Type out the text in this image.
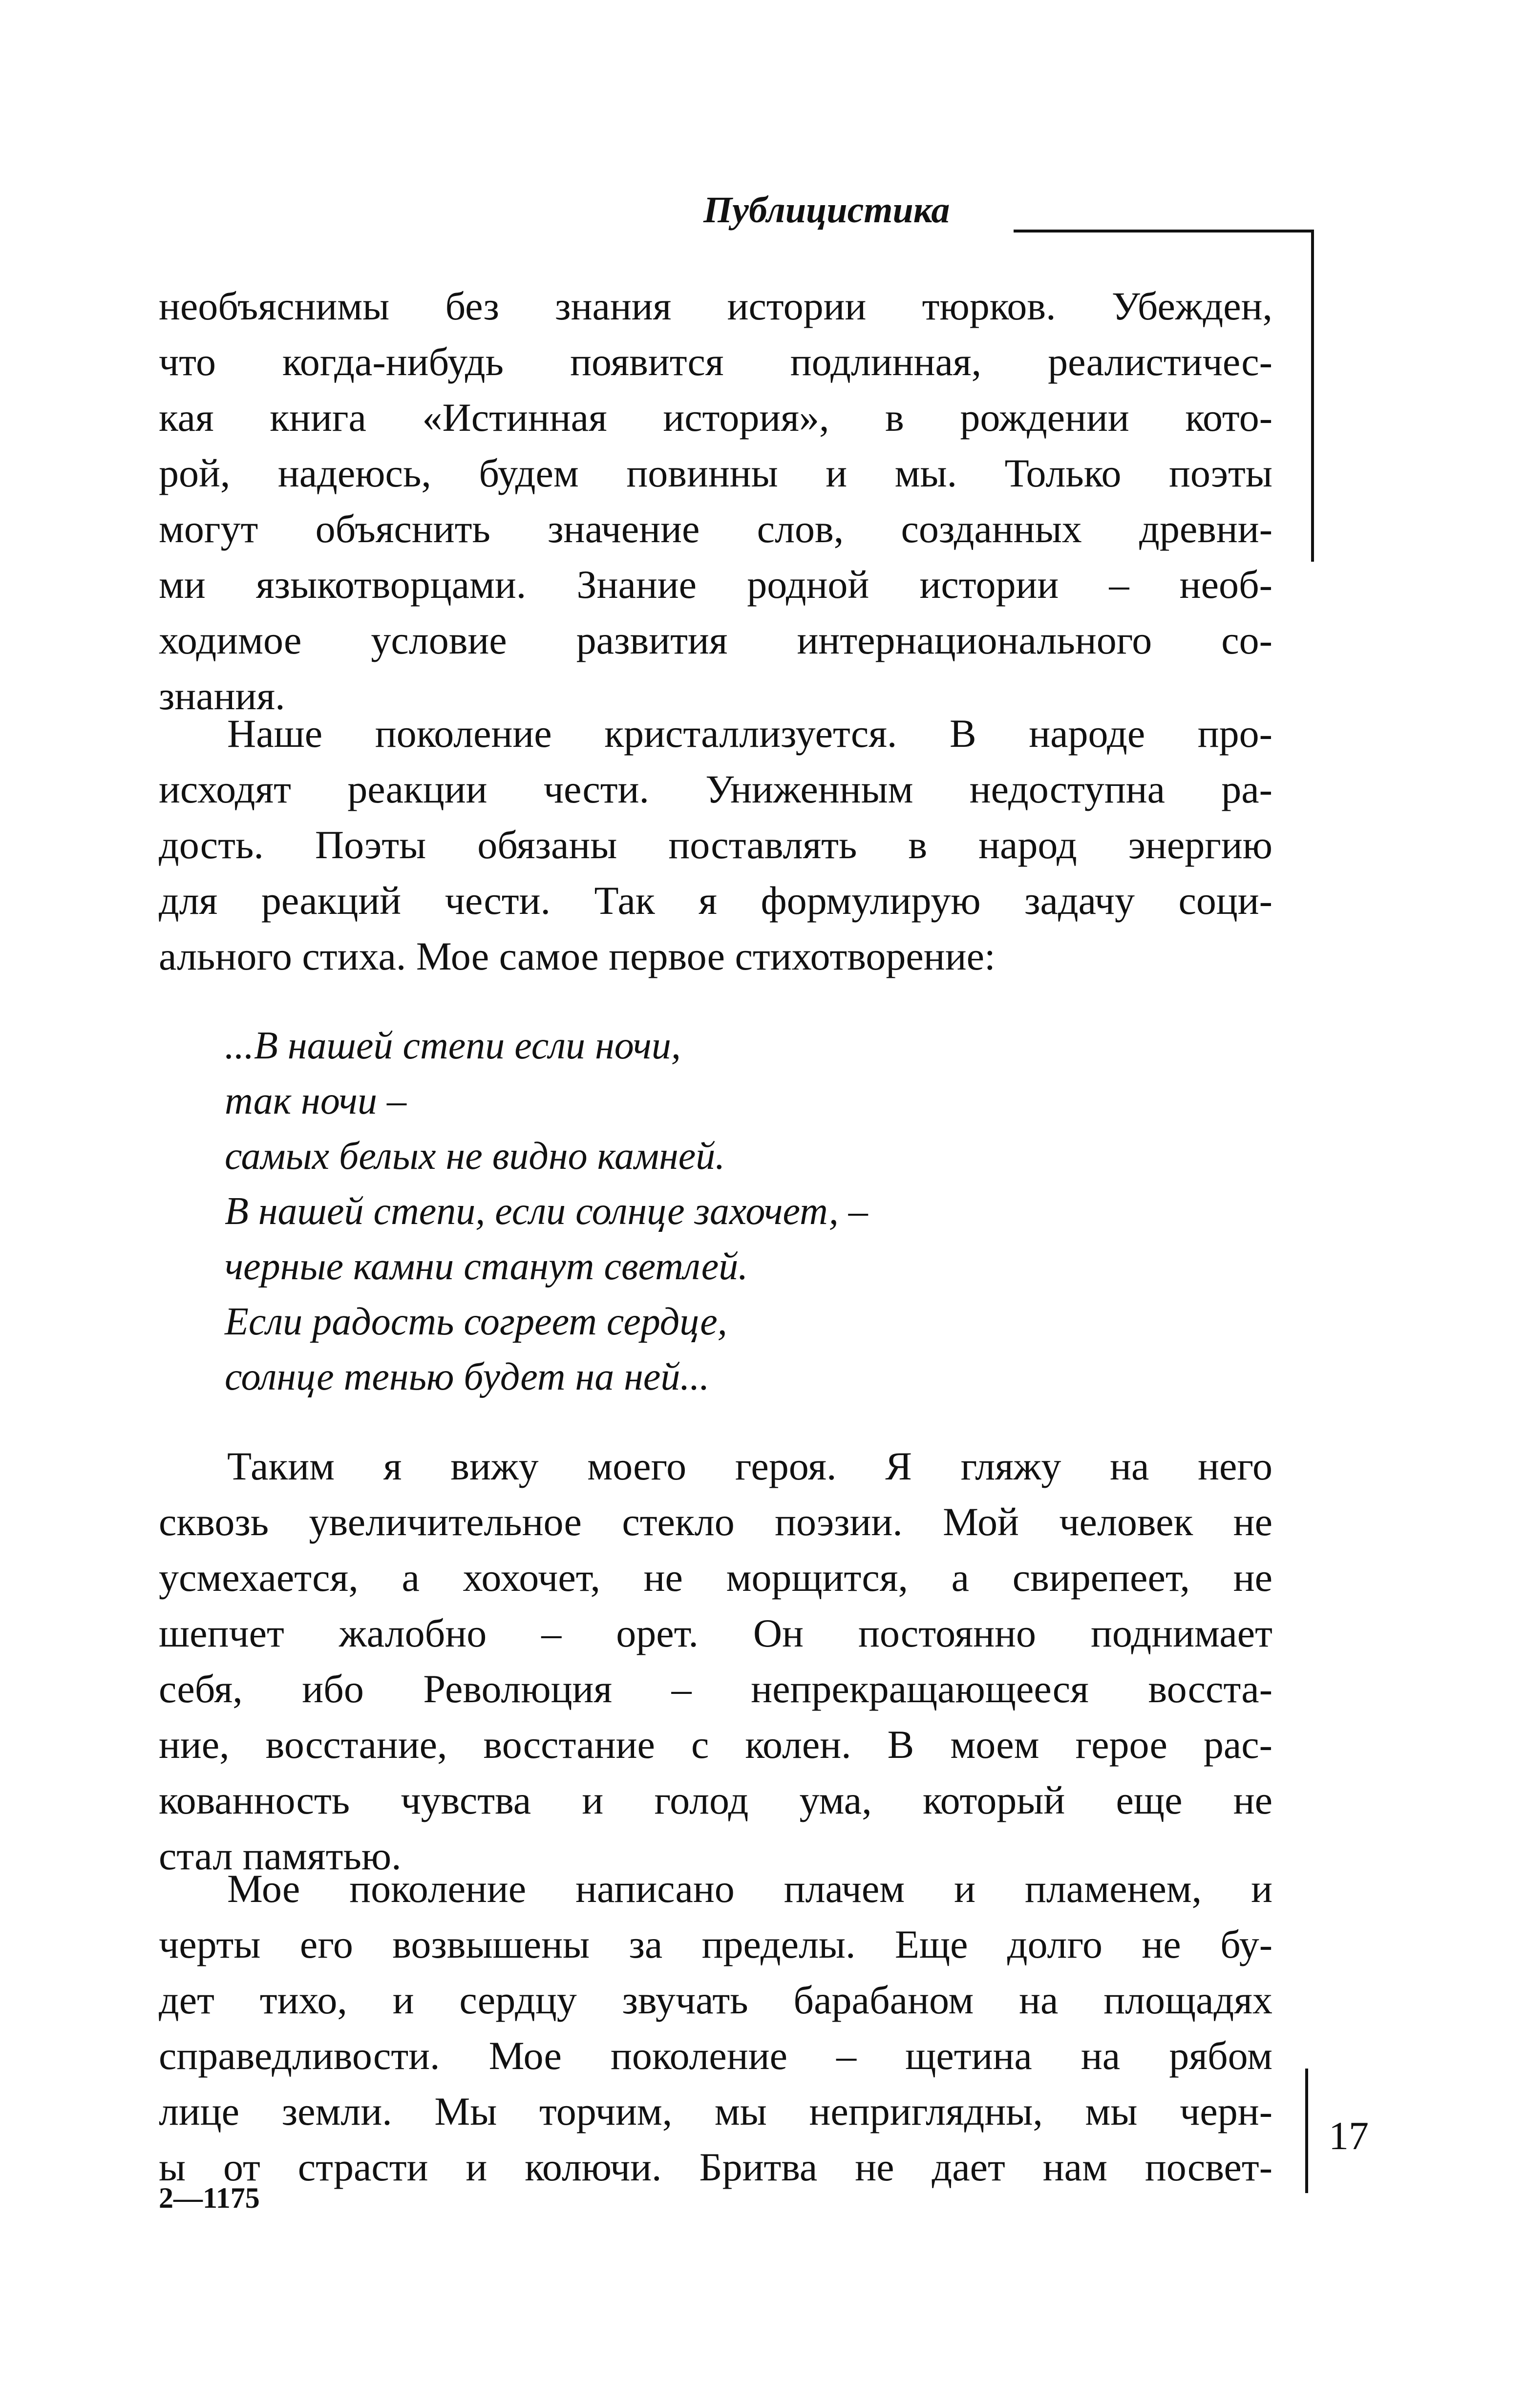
Публицистика
необъяснимы без знания истории тюрков. Убежден,
что когда-нибудь появится подлинная, реалистичес-
кая книга «Истинная история», в рождении кото-
рой, надеюсь, будем повинны и мы. Только поэты
могут объяснить значение слов, созданных древни-
ми языкотворцами. Знание родной истории – необ-
ходимое условие развития интернационального со-
знания.
Наше поколение кристаллизуется. В народе про-
исходят реакции чести. Униженным недоступна ра-
дость. Поэты обязаны поставлять в народ энергию
для реакций чести. Так я формулирую задачу соци-
ального стиха. Мое самое первое стихотворение:
...В нашей степи если ночи,
так ночи –
самых белых не видно камней.
В нашей степи, если солнце захочет, –
черные камни станут светлей.
Если радость согреет сердце,
солнце тенью будет на ней...
Таким я вижу моего героя. Я гляжу на него
сквозь увеличительное стекло поэзии. Мой человек не
усмехается, а хохочет, не морщится, а свирепеет, не
шепчет жалобно – орет. Он постоянно поднимает
себя, ибо Революция – непрекращающееся восста-
ние, восстание, восстание с колен. В моем герое рас-
кованность чувства и голод ума, который еще не
стал памятью.
Мое поколение написано плачем и пламенем, и
черты его возвышены за пределы. Еще долго не бу-
дет тихо, и сердцу звучать барабаном на площадях
справедливости. Мое поколение – щетина на рябом
лице земли. Мы торчим, мы неприглядны, мы черн-
ы от страсти и колючи. Бритва не дает нам посвет-
2—1175
17
